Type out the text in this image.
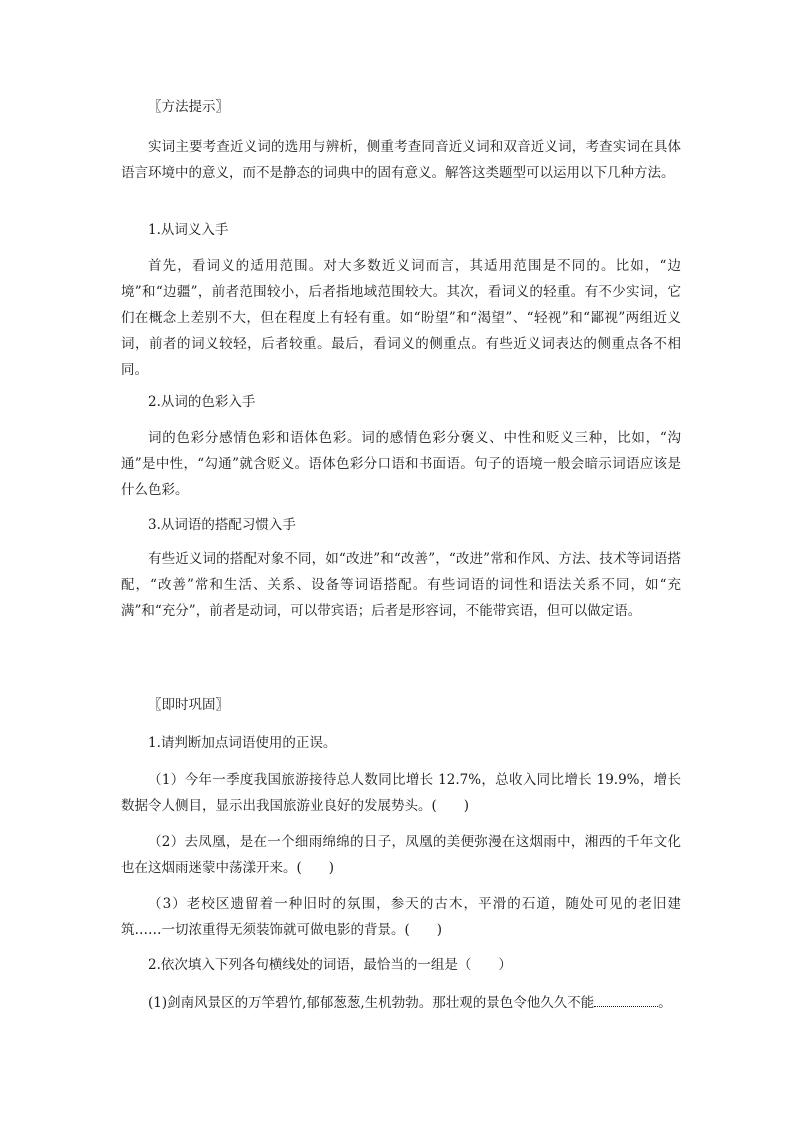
〖方法提示〗
实词主要考查近义词的选用与辨析，侧重考查同音近义词和双音近义词，考查实词在具体语言环境中的意义，而不是静态的词典中的固有意义。解答这类题型可以运用以下几种方法。
1.从词义入手
首先，看词义的适用范围。对大多数近义词而言，其适用范围是不同的。比如，“边境”和“边疆”，前者范围较小，后者指地域范围较大。其次，看词义的轻重。有不少实词，它们在概念上差别不大，但在程度上有轻有重。如“盼望”和“渴望”、“轻视”和“鄙视”两组近义词，前者的词义较轻，后者较重。最后，看词义的侧重点。有些近义词表达的侧重点各不相同。
2.从词的色彩入手
词的色彩分感情色彩和语体色彩。词的感情色彩分褒义、中性和贬义三种，比如，“沟通”是中性，“勾通”就含贬义。语体色彩分口语和书面语。句子的语境一般会暗示词语应该是什么色彩。
3.从词语的搭配习惯入手
有些近义词的搭配对象不同，如“改进”和“改善”，“改进”常和作风、方法、技术等词语搭配，“改善”常和生活、关系、设备等词语搭配。有些词语的词性和语法关系不同，如“充满”和“充分”，前者是动词，可以带宾语；后者是形容词，不能带宾语，但可以做定语。
〖即时巩固〗
1.请判断加点词语使用的正误。
（1）今年一季度我国旅游接待总人数同比增长 12.7%，总收入同比增长 19.9%，增长数据令人侧目，显示出我国旅游业良好的发展势头。(　　)
（2）去凤凰，是在一个细雨绵绵的日子，凤凰的美便弥漫在这烟雨中，湘西的千年文化也在这烟雨迷蒙中荡漾开来。(　　)
（3）老校区遗留着一种旧时的氛围，参天的古木，平滑的石道，随处可见的老旧建筑……一切浓重得无须装饰就可做电影的背景。(　　)
2.依次填入下列各句横线处的词语，最恰当的一组是（　　）
(1)剑南风景区的万竿碧竹,郁郁葱葱,生机勃勃。那壮观的景色令他久久不能	。
